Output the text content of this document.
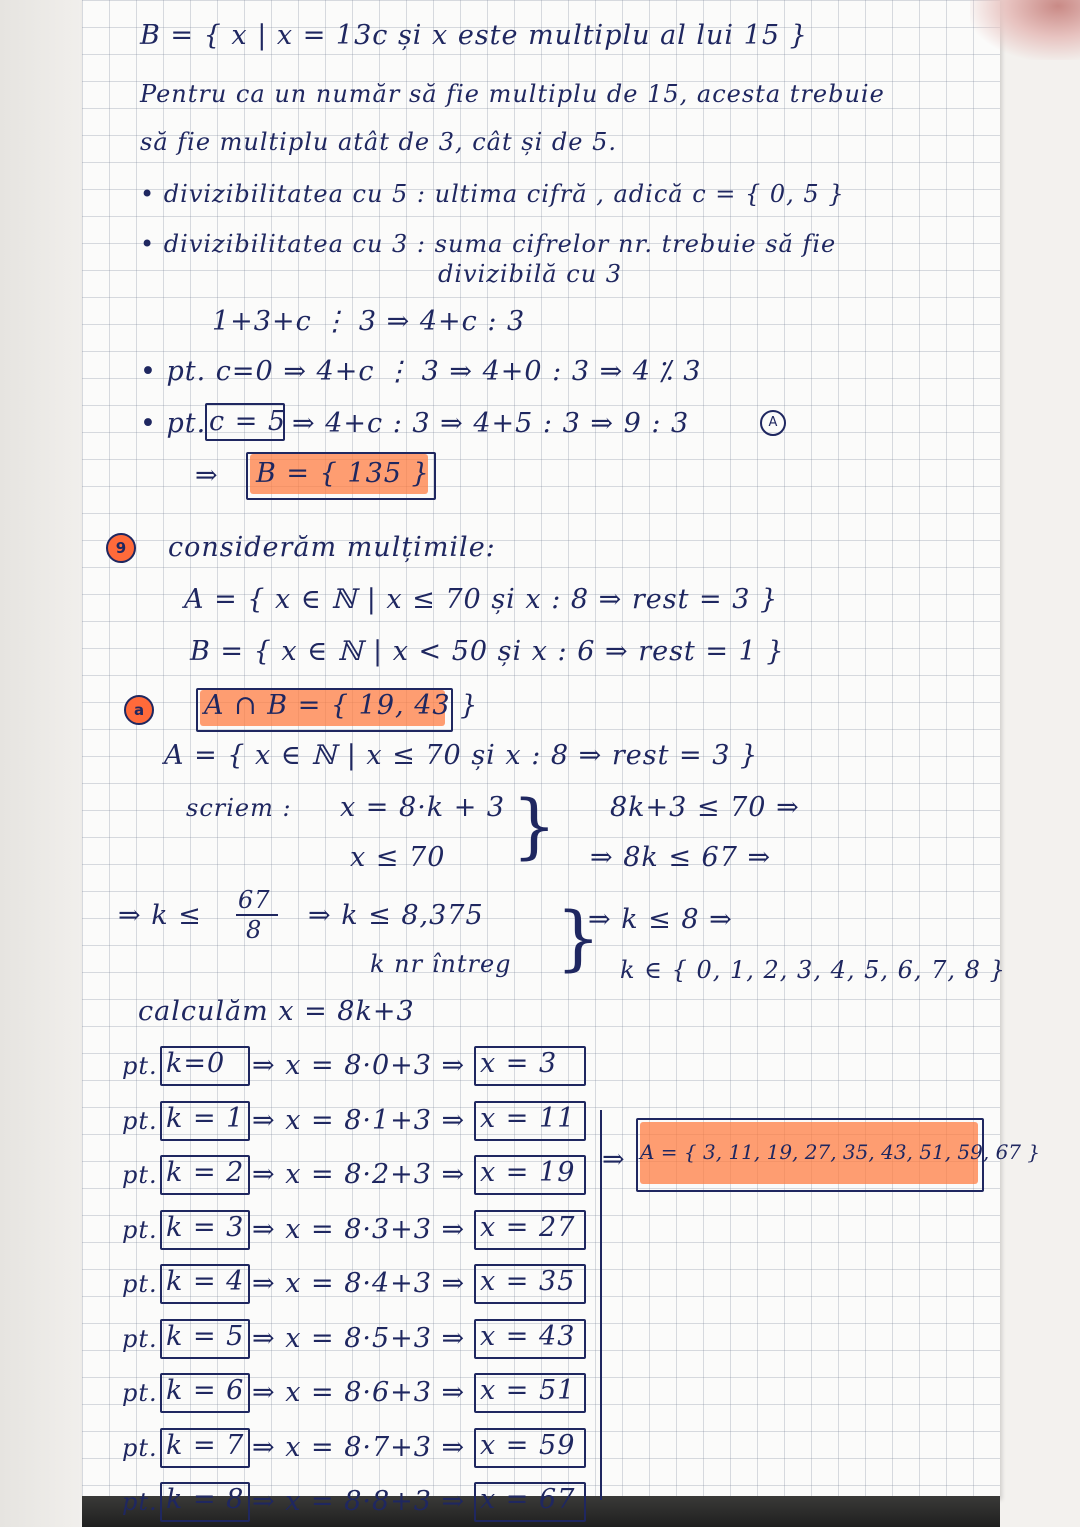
B = { x | x = 13c și x este multiplu al lui 15 }
Pentru ca un număr să fie multiplu de 15, acesta trebuie
să fie multiplu atât de 3, cât și de 5.
• divizibilitatea cu 5 : ultima cifră , adică c = { 0, 5 }
• divizibilitatea cu 3 : suma cifrelor nr. trebuie să fie
divizibilă cu 3
1+3+c ⋮ 3 ⇒ 4+c : 3
• pt. c=0 ⇒ 4+c ⋮ 3 ⇒ 4+0 : 3 ⇒ 4 ⁒ 3
• pt. c = 5 ⇒ 4+c : 3 ⇒ 4+5 : 3 ⇒ 9 : 3	A
⇒ B = { 135 }
9	considerăm mulțimile:
A = { x ∈ ℕ | x ≤ 70 și x : 8 ⇒ rest = 3 }
B = { x ∈ ℕ | x < 50 și x : 6 ⇒ rest = 1 }
a	A ∩ B = { 19, 43 }
A = { x ∈ ℕ | x ≤ 70 și x : 8 ⇒ rest = 3 }
scriem : x = 8·k + 3
x ≤ 70 } 8k+3 ≤ 70 ⇒
⇒ 8k ≤ 67 ⇒
⇒ k ≤ 67
8 ⇒ k ≤ 8,375
k nr întreg }
⇒ k ≤ 8 ⇒
k ∈ { 0, 1, 2, 3, 4, 5, 6, 7, 8 }
calculăm x = 8k+3
pt. k=0 ⇒ x = 8·0+3 ⇒ x = 3
pt. k = 1 ⇒ x = 8·1+3 ⇒ x = 11
pt. k = 2 ⇒ x = 8·2+3 ⇒ x = 19
pt. k = 3 ⇒ x = 8·3+3 ⇒ x = 27
pt. k = 4 ⇒ x = 8·4+3 ⇒ x = 35
pt. k = 5 ⇒ x = 8·5+3 ⇒ x = 43
pt. k = 6 ⇒ x = 8·6+3 ⇒ x = 51
pt. k = 7 ⇒ x = 8·7+3 ⇒ x = 59
pt. k = 8 ⇒ x = 8·8+3 ⇒ x = 67
⇒ A = { 3, 11, 19, 27, 35, 43, 51, 59, 67 }
